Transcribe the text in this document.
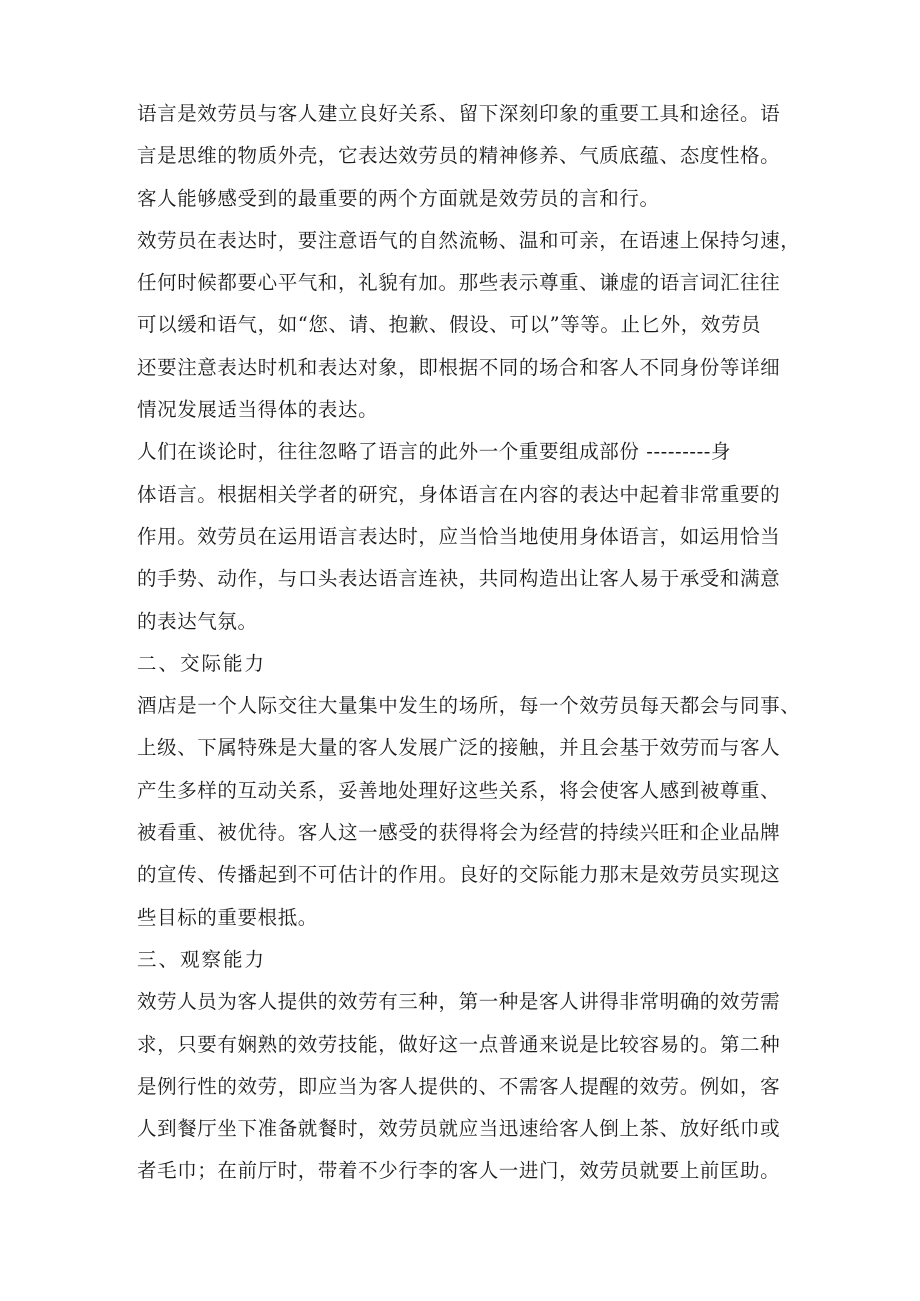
语言是效劳员与客人建立良好关系、留下深刻印象的重要工具和途径。语
言是思维的物质外壳，它表达效劳员的精神修养、气质底蕴、态度性格。
客人能够感受到的最重要的两个方面就是效劳员的言和行。
效劳员在表达时，要注意语气的自然流畅、温和可亲，在语速上保持匀速，
任何时候都要心平气和，礼貌有加。那些表示尊重、谦虚的语言词汇往往
可以缓和语气，如“您、请、抱歉、假设、可以”等等。止匕外，效劳员
还要注意表达时机和表达对象，即根据不同的场合和客人不同身份等详细
情况发展适当得体的表达。
人们在谈论时，往往忽略了语言的此外一个重要组成部份 ---------身
体语言。根据相关学者的研究，身体语言在内容的表达中起着非常重要的
作用。效劳员在运用语言表达时，应当恰当地使用身体语言，如运用恰当
的手势、动作，与口头表达语言连袂，共同构造出让客人易于承受和满意
的表达气氛。
二、交际能力
酒店是一个人际交往大量集中发生的场所，每一个效劳员每天都会与同事、
上级、下属特殊是大量的客人发展广泛的接触，并且会基于效劳而与客人
产生多样的互动关系，妥善地处理好这些关系，将会使客人感到被尊重、
被看重、被优待。客人这一感受的获得将会为经营的持续兴旺和企业品牌
的宣传、传播起到不可估计的作用。良好的交际能力那末是效劳员实现这
些目标的重要根抵。
三、观察能力
效劳人员为客人提供的效劳有三种，第一种是客人讲得非常明确的效劳需
求，只要有娴熟的效劳技能，做好这一点普通来说是比较容易的。第二种
是例行性的效劳，即应当为客人提供的、不需客人提醒的效劳。例如，客
人到餐厅坐下准备就餐时，效劳员就应当迅速给客人倒上茶、放好纸巾或
者毛巾；在前厅时，带着不少行李的客人一进门，效劳员就要上前匡助。
